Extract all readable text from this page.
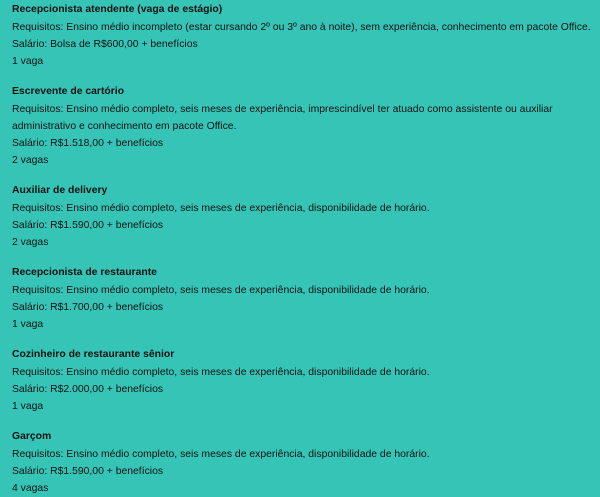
Recepcionista atendente (vaga de estágio)
Requisitos: Ensino médio incompleto (estar cursando 2º ou 3º ano à noite), sem experiência, conhecimento em pacote Office.
Salário: Bolsa de R$600,00 + benefícios
1 vaga
Escrevente de cartório
Requisitos: Ensino médio completo, seis meses de experiência, imprescindível ter atuado como assistente ou auxiliar administrativo e conhecimento em pacote Office.
Salário: R$1.518,00 + benefícios
2 vagas
Auxiliar de delivery
Requisitos: Ensino médio completo, seis meses de experiência, disponibilidade de horário.
Salário: R$1.590,00 + benefícios
2 vagas
Recepcionista de restaurante
Requisitos: Ensino médio completo, seis meses de experiência, disponibilidade de horário.
Salário: R$1.700,00 + benefícios
1 vaga
Cozinheiro de restaurante sênior
Requisitos: Ensino médio completo, seis meses de experiência, disponibilidade de horário.
Salário: R$2.000,00 + benefícios
1 vaga
Garçom
Requisitos: Ensino médio completo, seis meses de experiência, disponibilidade de horário.
Salário: R$1.590,00 + benefícios
4 vagas
